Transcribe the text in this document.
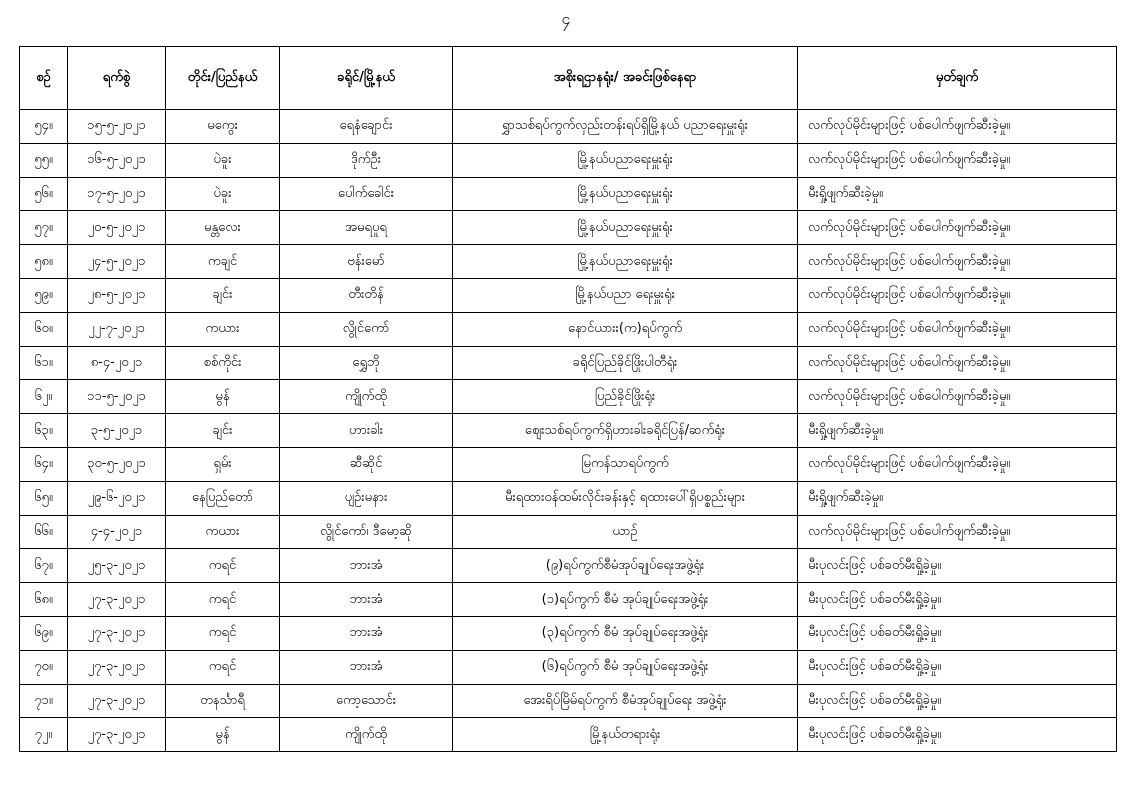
၄
စဉ်	ရက်စွဲ	တိုင်း/ပြည်နယ်	ခရိုင်/မြို့နယ်	အစိုးရဌာနရုံး/ အခင်းဖြစ်နေရာ	မှတ်ချက်
၅၄။	၁၅-၅-၂၀၂၁	မကွေး	ရေနံချောင်း	ရွှာသစ်ရပ်ကွက်လှည်းတန်းရပ်ရှိမြို့နယ် ပညာရေးမှူးရုံး	လက်လုပ်မိုင်းများဖြင့် ပစ်ပေါက်ဖျက်ဆီးခဲ့မှု။
၅၅။	၁၆-၅-၂၀၂၁	ပဲခူး	ဒိုက်ဦး	မြို့နယ်ပညာရေးမှူးရုံး	လက်လုပ်မိုင်းများဖြင့် ပစ်ပေါက်ဖျက်ဆီးခဲ့မှု။
၅၆။	၁၇-၅-၂၀၂၁	ပဲခူး	ပေါက်ခေါင်း	မြို့နယ်ပညာရေးမှူးရုံး	မီးရှို့ဖျက်ဆီးခဲ့မှု။
၅၇။	၂၀-၅-၂၀၂၁	မန္တလေး	အမရပူရ	မြို့နယ်ပညာရေးမှူးရုံး	လက်လုပ်မိုင်းများဖြင့် ပစ်ပေါက်ဖျက်ဆီးခဲ့မှု။
၅၈။	၂၄-၅-၂၀၂၁	ကချင်	ဗန်းမော်	မြို့နယ်ပညာရေးမှူးရုံး	လက်လုပ်မိုင်းများဖြင့် ပစ်ပေါက်ဖျက်ဆီးခဲ့မှု။
၅၉။	၂၈-၅-၂၀၂၁	ချင်း	တီးတိန်	မြို့နယ်ပညာ ရေးမှူးရုံး	လက်လုပ်မိုင်းများဖြင့် ပစ်ပေါက်ဖျက်ဆီးခဲ့မှု။
၆၀။	၂၂-၇-၂၀၂၁	ကယား	လွိုင်ကော်	နောင်ယားး(က)ရပ်ကွက်	လက်လုပ်မိုင်းများဖြင့် ပစ်ပေါက်ဖျက်ဆီးခဲ့မှု။
၆၁။	၈-၄-၂၀၂၁	စစ်ကိုင်း	ရွှေဘို	ခရိုင်ပြည်ခိုင်ဖြိုးပါတီရုံး	လက်လုပ်မိုင်းများဖြင့် ပစ်ပေါက်ဖျက်ဆီးခဲ့မှု။
၆၂။	၁၁-၅-၂၀၂၁	မွန်	ကျိုက်ထို	ပြည်ခိုင်ဖြိုးရုံး	လက်လုပ်မိုင်းများဖြင့် ပစ်ပေါက်ဖျက်ဆီးခဲ့မှု။
၆၃။	၃-၅-၂၀၂၁	ချင်း	ဟားခါး	ဈေးသစ်ရပ်ကွက်ရှိဟားခါးခရိုင်ပြန်/ဆက်ရုံး	မီးရှို့ဖျက်ဆီးခဲ့မှု။
၆၄။	၃၀-၅-၂၀၂၁	ရှမ်း	ဆီဆိုင်	မြကန်သာရပ်ကွက်	လက်လုပ်မိုင်းများဖြင့် ပစ်ပေါက်ဖျက်ဆီးခဲ့မှု။
၆၅။	၂၉-၆-၂၀၂၁	နေပြည်တော်	ပျဉ်းမနား	မီးရထားဝန်ထမ်းလိုင်းခန်းနှင့် ရထားပေါ်ရှိပစ္စည်းများ	မီးရှို့ဖျက်ဆီးခဲ့မှု။
၆၆။	၄-၄-၂၀၂၁	ကယား	လွိုင်ကော်၊ ဒီမော့ဆို	ယာဉ်	လက်လုပ်မိုင်းများဖြင့် ပစ်ပေါက်ဖျက်ဆီးခဲ့မှု။
၆၇။	၂၅-၃-၂၀၂၁	ကရင်	ဘားအံ	(၉)ရပ်ကွက်စီမံအုပ်ချုပ်ရေးအဖွဲ့ရုံး	မီးပုလင်းဖြင့် ပစ်ခတ်မီးရှို့ခဲ့မှု။
၆၈။	၂၇-၃-၂၀၂၁	ကရင်	ဘားအံ	(၁)ရပ်ကွက် စီမံ အုပ်ချုပ်ရေးအဖွဲ့ရုံး	မီးပုလင်းဖြင့် ပစ်ခတ်မီးရှို့ခဲ့မှု။
၆၉။	၂၇-၃-၂၀၂၁	ကရင်	ဘားအံ	(၃)ရပ်ကွက် စီမံ အုပ်ချုပ်ရေးအဖွဲ့ရုံး	မီးပုလင်းဖြင့် ပစ်ခတ်မီးရှို့ခဲ့မှု။
၇၀။	၂၇-၃-၂၀၂၁	ကရင်	ဘားအံ	(၆)ရပ်ကွက် စီမံ အုပ်ချုပ်ရေးအဖွဲ့ရုံး	မီးပုလင်းဖြင့် ပစ်ခတ်မီးရှို့ခဲ့မှု။
၇၁။	၂၇-၃-၂၀၂၁	တနင်္သာရီ	ကော့သောင်း	အေးရိပ်မြိမ်ရပ်ကွက် စီမံအုပ်ချုပ်ရေး အဖွဲ့ရုံး	မီးပုလင်းဖြင့် ပစ်ခတ်မီးရှို့ခဲ့မှု။
၇၂။	၂၇-၃-၂၀၂၁	မွန်	ကျိုက်ထို	မြို့နယ်တရားရုံး	မီးပုလင်းဖြင့် ပစ်ခတ်မီးရှို့ခဲ့မှု။
